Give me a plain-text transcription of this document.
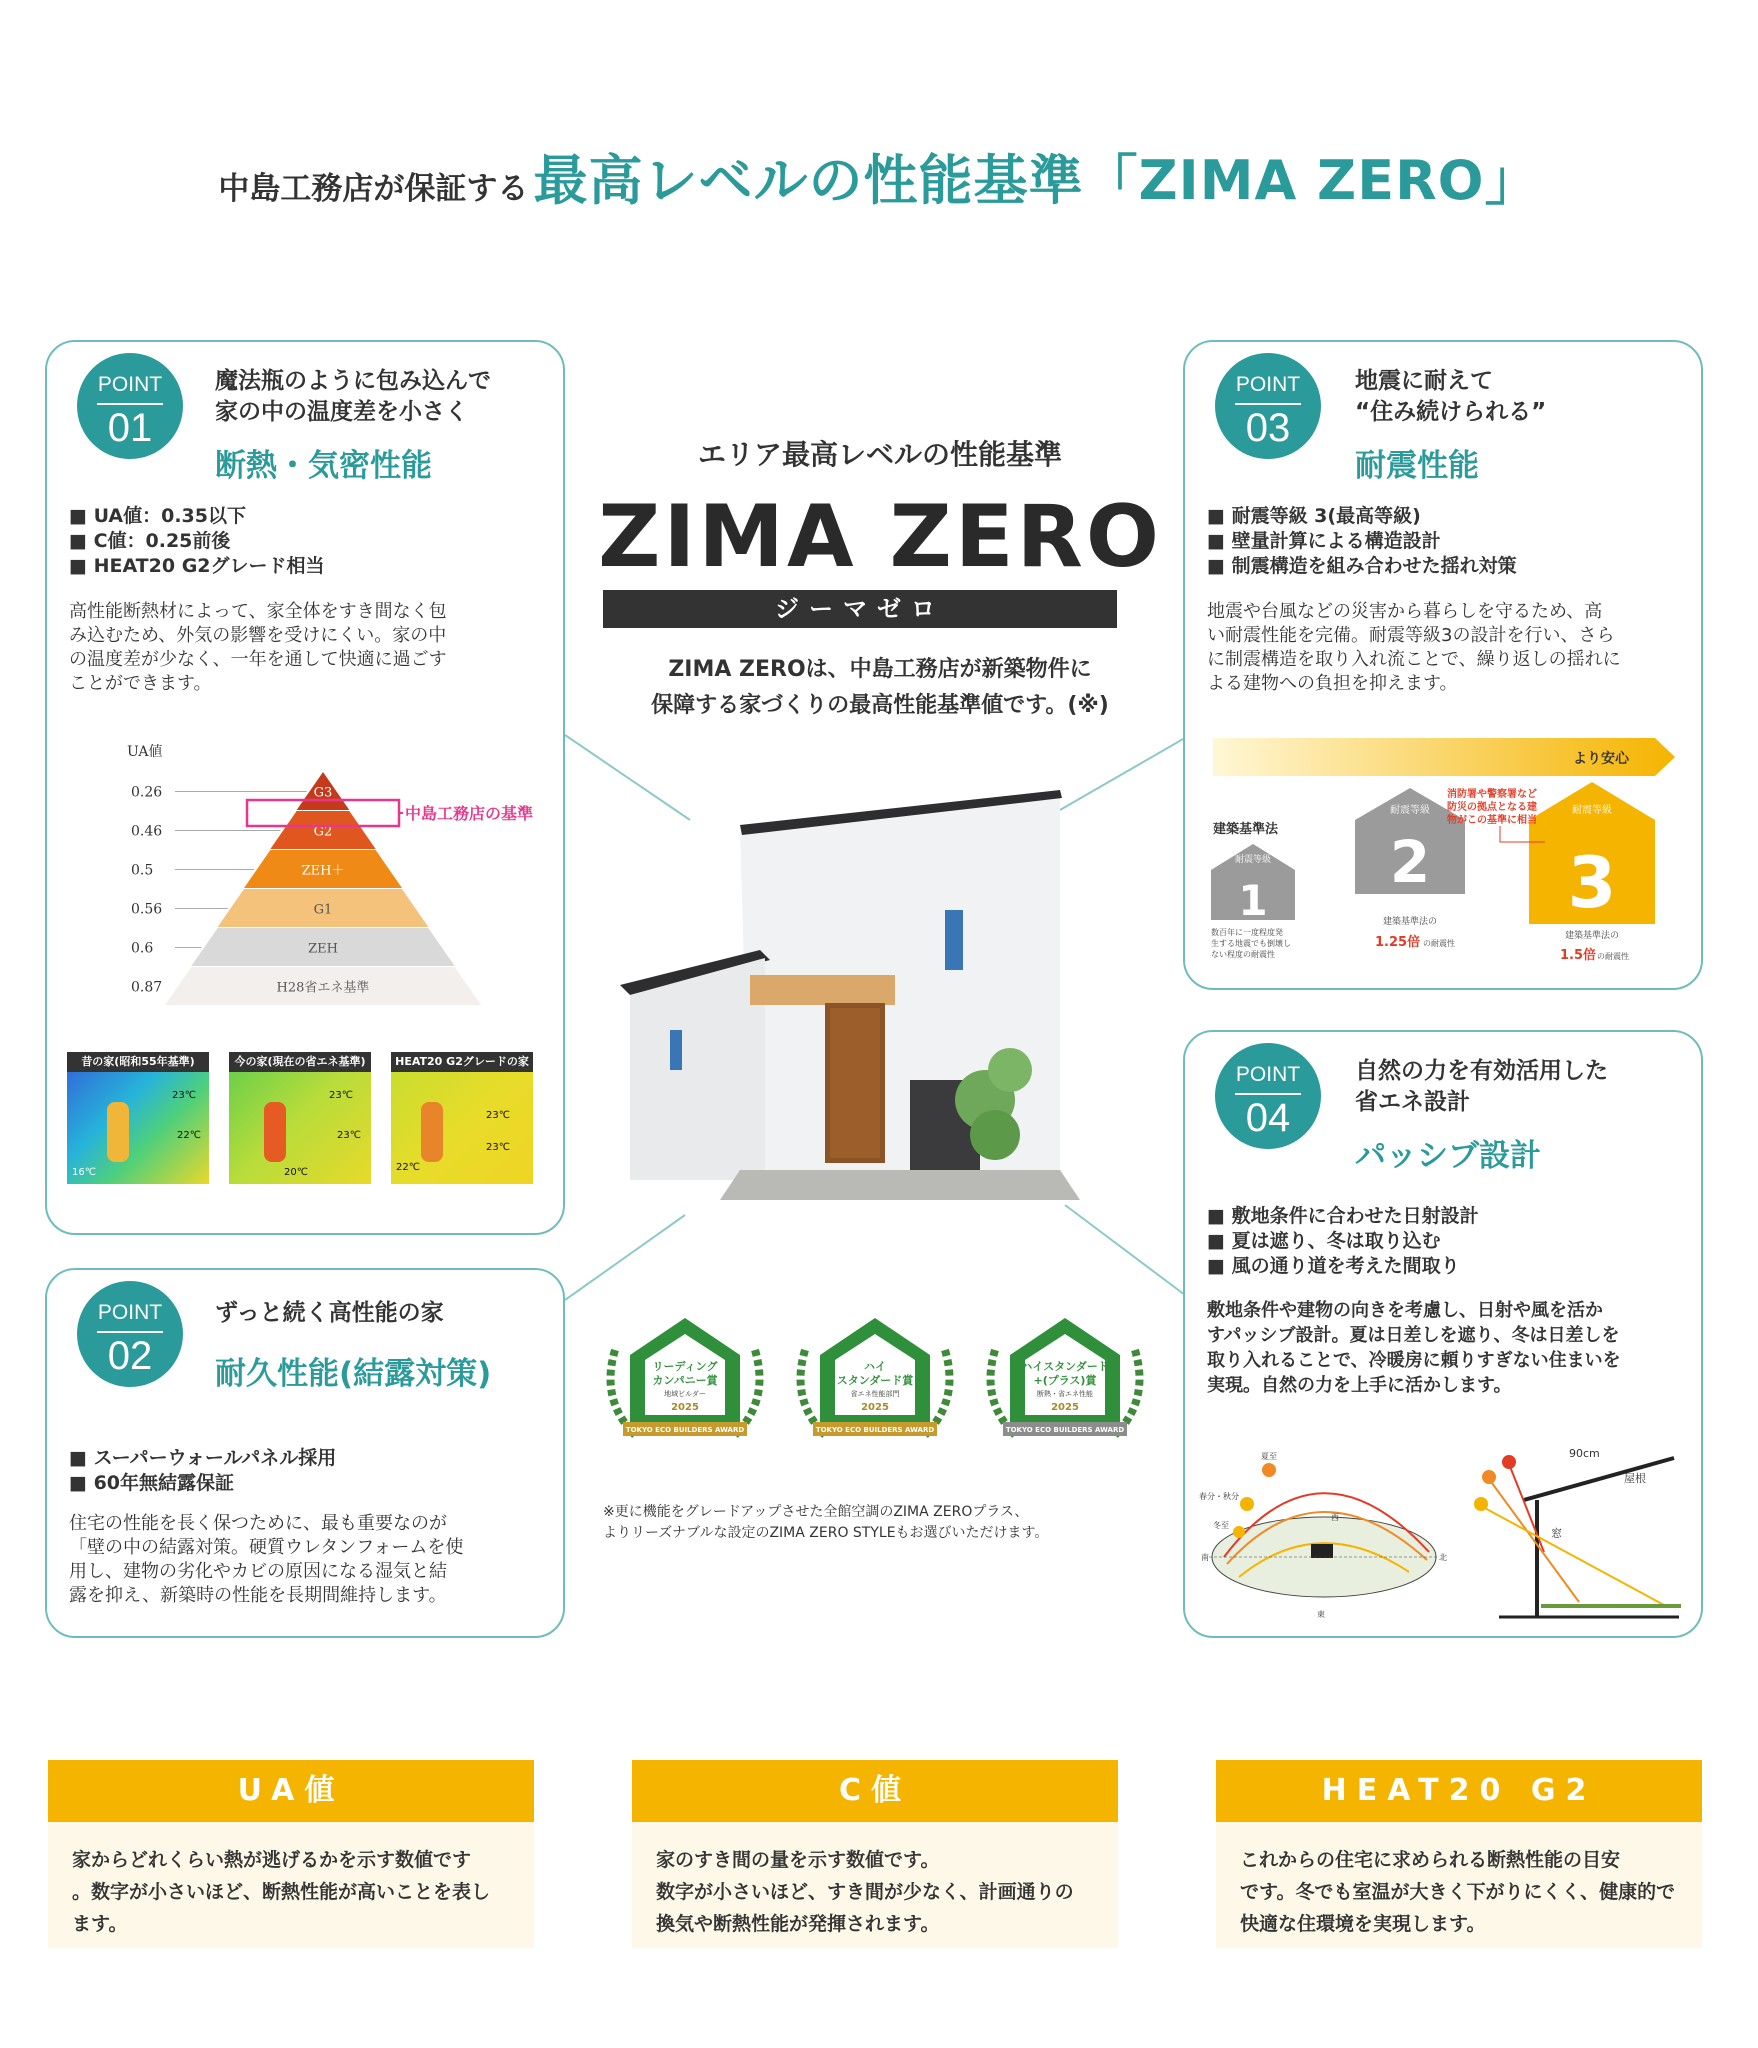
中島工務店が保証する 最高レベルの性能基準「ZIMA ZERO」
POINT
01
魔法瓶のように包み込んで
家の中の温度差を小さく
断熱・気密性能
■ UA値：0.35以下
■ C値：0.25前後
■ HEAT20 G2グレード相当
高性能断熱材によって、家全体をすき間なく包
み込むため、外気の影響を受けにくい。家の中
の温度差が少なく、一年を通して快適に過ごす
ことができます。
UA値
G3
0.26
G2
0.46
ZEH＋
0.5
G1
0.56
ZEH
0.6
H28省エネ基準
0.87
中島工務店の基準
昔の家(昭和55年基準)
23℃
22℃
16℃
今の家(現在の省エネ基準)
23℃
23℃
20℃
HEAT20 G2グレードの家
23℃
23℃
22℃
POINT
02
ずっと続く高性能の家
耐久性能(結露対策)
■ スーパーウォールパネル採用
■ 60年無結露保証
住宅の性能を長く保つために、最も重要なのが
「壁の中の結露対策。硬質ウレタンフォームを使
用し、建物の劣化やカビの原因になる湿気と結
露を抑え、新築時の性能を長期間維持します。
POINT
03
地震に耐えて
“住み続けられる”
耐震性能
■ 耐震等級 3(最高等級)
■ 壁量計算による構造設計
■ 制震構造を組み合わせた揺れ対策
地震や台風などの災害から暮らしを守るため、高
い耐震性能を完備。耐震等級3の設計を行い、さら
に制震構造を取り入れ流ことで、繰り返しの揺れに
よる建物への負担を抑えます。
より安心
建築基準法
耐震等級
1
数百年に一度程度発
生する地震でも倒壊し
ない程度の耐震性
耐震等級
2
建築基準法の
1.25倍 の耐震性
耐震等級
3
建築基準法の
1.5倍 の耐震性
消防署や警察署など
防災の拠点となる建
物がこの基準に相当
POINT
04
自然の力を有効活用した
省エネ設計
パッシブ設計
■ 敷地条件に合わせた日射設計
■ 夏は遮り、冬は取り込む
■ 風の通り道を考えた間取り
敷地条件や建物の向きを考慮し、日射や風を活か
すパッシブ設計。夏は日差しを遮り、冬は日差しを
取り入れることで、冷暖房に頼りすぎない住まいを
実現。自然の力を上手に活かします。
夏至
春分・秋分
冬至
南	北
東
西
90cm
屋根
窓
エリア最高レベルの性能基準
ZIMA ZERO
ジーマゼロ
ZIMA ZEROは、中島工務店が新築物件に
保障する家づくりの最高性能基準値です。(※)
リーディング
カンパニー賞
地域ビルダー
2025
TOKYO ECO BUILDERS AWARD
ハイ
スタンダード賞
省エネ性能部門
2025
TOKYO ECO BUILDERS AWARD
ハイスタンダード
+(プラス)賞
断熱・省エネ性能
2025
TOKYO ECO BUILDERS AWARD
※更に機能をグレードアップさせた全館空調のZIMA ZEROプラス、
よりリーズナブルな設定のZIMA ZERO STYLEもお選びいただけます。
UA値
家からどれくらい熱が逃げるかを示す数値です
。数字が小さいほど、断熱性能が高いことを表し
ます。
C値
家のすき間の量を示す数値です。
数字が小さいほど、すき間が少なく、計画通りの
換気や断熱性能が発揮されます。
HEAT20 G2
これからの住宅に求められる断熱性能の目安
です。冬でも室温が大きく下がりにくく、健康的で
快適な住環境を実現します。
